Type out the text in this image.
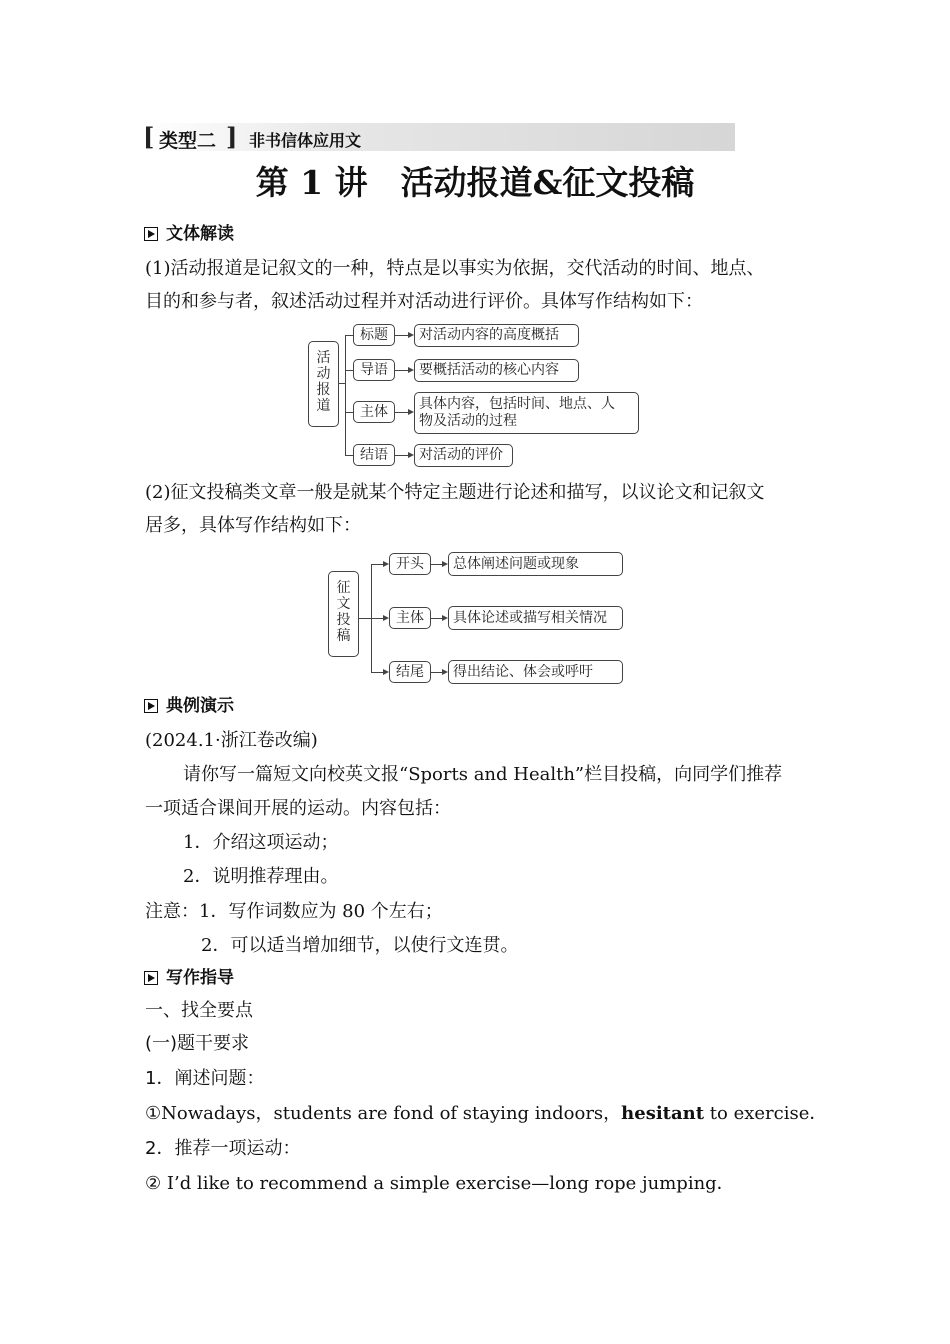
[ 类型二 ] 非书信体应用文
第 1 讲　活动报道&征文投稿
文体解读
(1)活动报道是记叙文的一种，特点是以事实为依据，交代活动的时间、地点、
目的和参与者，叙述活动过程并对活动进行评价。具体写作结构如下：
活动报道
标题
导语
主体
结语
对活动内容的高度概括
要概括活动的核心内容
具体内容，包括时间、地点、人
物及活动的过程
对活动的评价
(2)征文投稿类文章一般是就某个特定主题进行论述和描写，以议论文和记叙文
居多，具体写作结构如下：
征文投稿
开头
主体
结尾
总体阐述问题或现象
具体论述或描写相关情况
得出结论、体会或呼吁
典例演示
(2024.1·浙江卷改编)
请你写一篇短文向校英文报“Sports and Health”栏目投稿，向同学们推荐
一项适合课间开展的运动。内容包括：
1．介绍这项运动；
2．说明推荐理由。
注意：1．写作词数应为 80 个左右；
2．可以适当增加细节，以使行文连贯。
写作指导
一、找全要点
(一)题干要求
1．阐述问题：
①Nowadays，students are fond of staying indoors，hesitant to exercise．
2．推荐一项运动：
② I’d like to recommend a simple exercise—long rope jumping．
